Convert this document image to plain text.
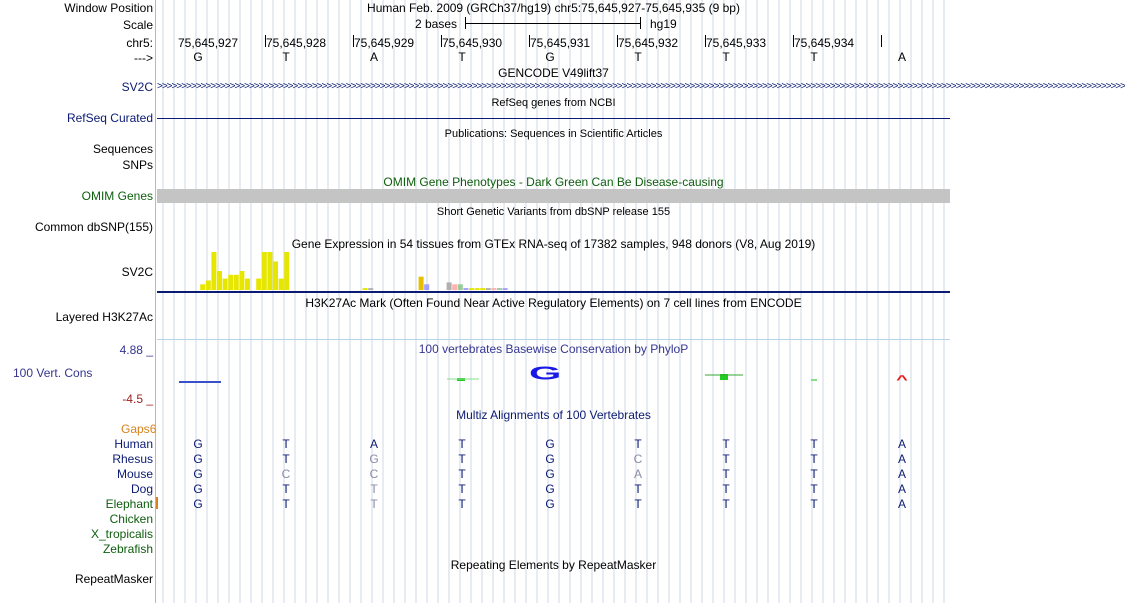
Window Position	Human Feb. 2009 (GRCh37/hg19) chr5:75,645,927-75,645,935 (9 bp)
Scale	2 bases	hg19
chr5: 75,645,927 75,645,928 75,645,929 75,645,930 75,645,931 75,645,932 75,645,933 75,645,934
--->	G	T	A	T	G	T	T	T	A
GENCODE V49lift37
SV2C >>>>>>>>>>>>>>>>>>>>>>>>>>>>>>>>>>>>>>>>>>>>>>>>>>>>>>>>>>>>>>>>>>>>>>>>>>>>>>>>>>>>>>>>>>>>>>>>>>>>>>>>>>>>>>>>>>>>>>>>>>>>>>>>>>>>>>>>>>>>>>>>>>>>>>>>>>>>>>>>>>>>>>>>>>>>>>>>>>>>>>>>>>>>>>>>>>>>>>>>
RefSeq genes from NCBI
RefSeq Curated
Publications: Sequences in Scientific Articles
Sequences
SNPs
OMIM Gene Phenotypes - Dark Green Can Be Disease-causing
OMIM Genes
Short Genetic Variants from dbSNP release 155
Common dbSNP(155)
Gene Expression in 54 tissues from GTEx RNA-seq of 17382 samples, 948 donors (V8, Aug 2019)
SV2C
H3K27Ac Mark (Often Found Near Active Regulatory Elements) on 7 cell lines from ENCODE
Layered H3K27Ac
100 vertebrates Basewise Conservation by PhyloP
4.88 _
100 Vert. Cons
-4.5 _
G	^
Multiz Alignments of 100 Vertebrates
Gaps6
Human	G	T	A	T	G	T	T	T	A
Rhesus	G	T	G	T	G	C	T	T	A
Mouse	G	C	C	T	G	A	T	T	A
Dog	G	T	T	T	G	T	T	T	A
Elephant	G	T	T	T	G	T	T	T	A
Chicken
X_tropicalis
Zebrafish
Repeating Elements by RepeatMasker
RepeatMasker
